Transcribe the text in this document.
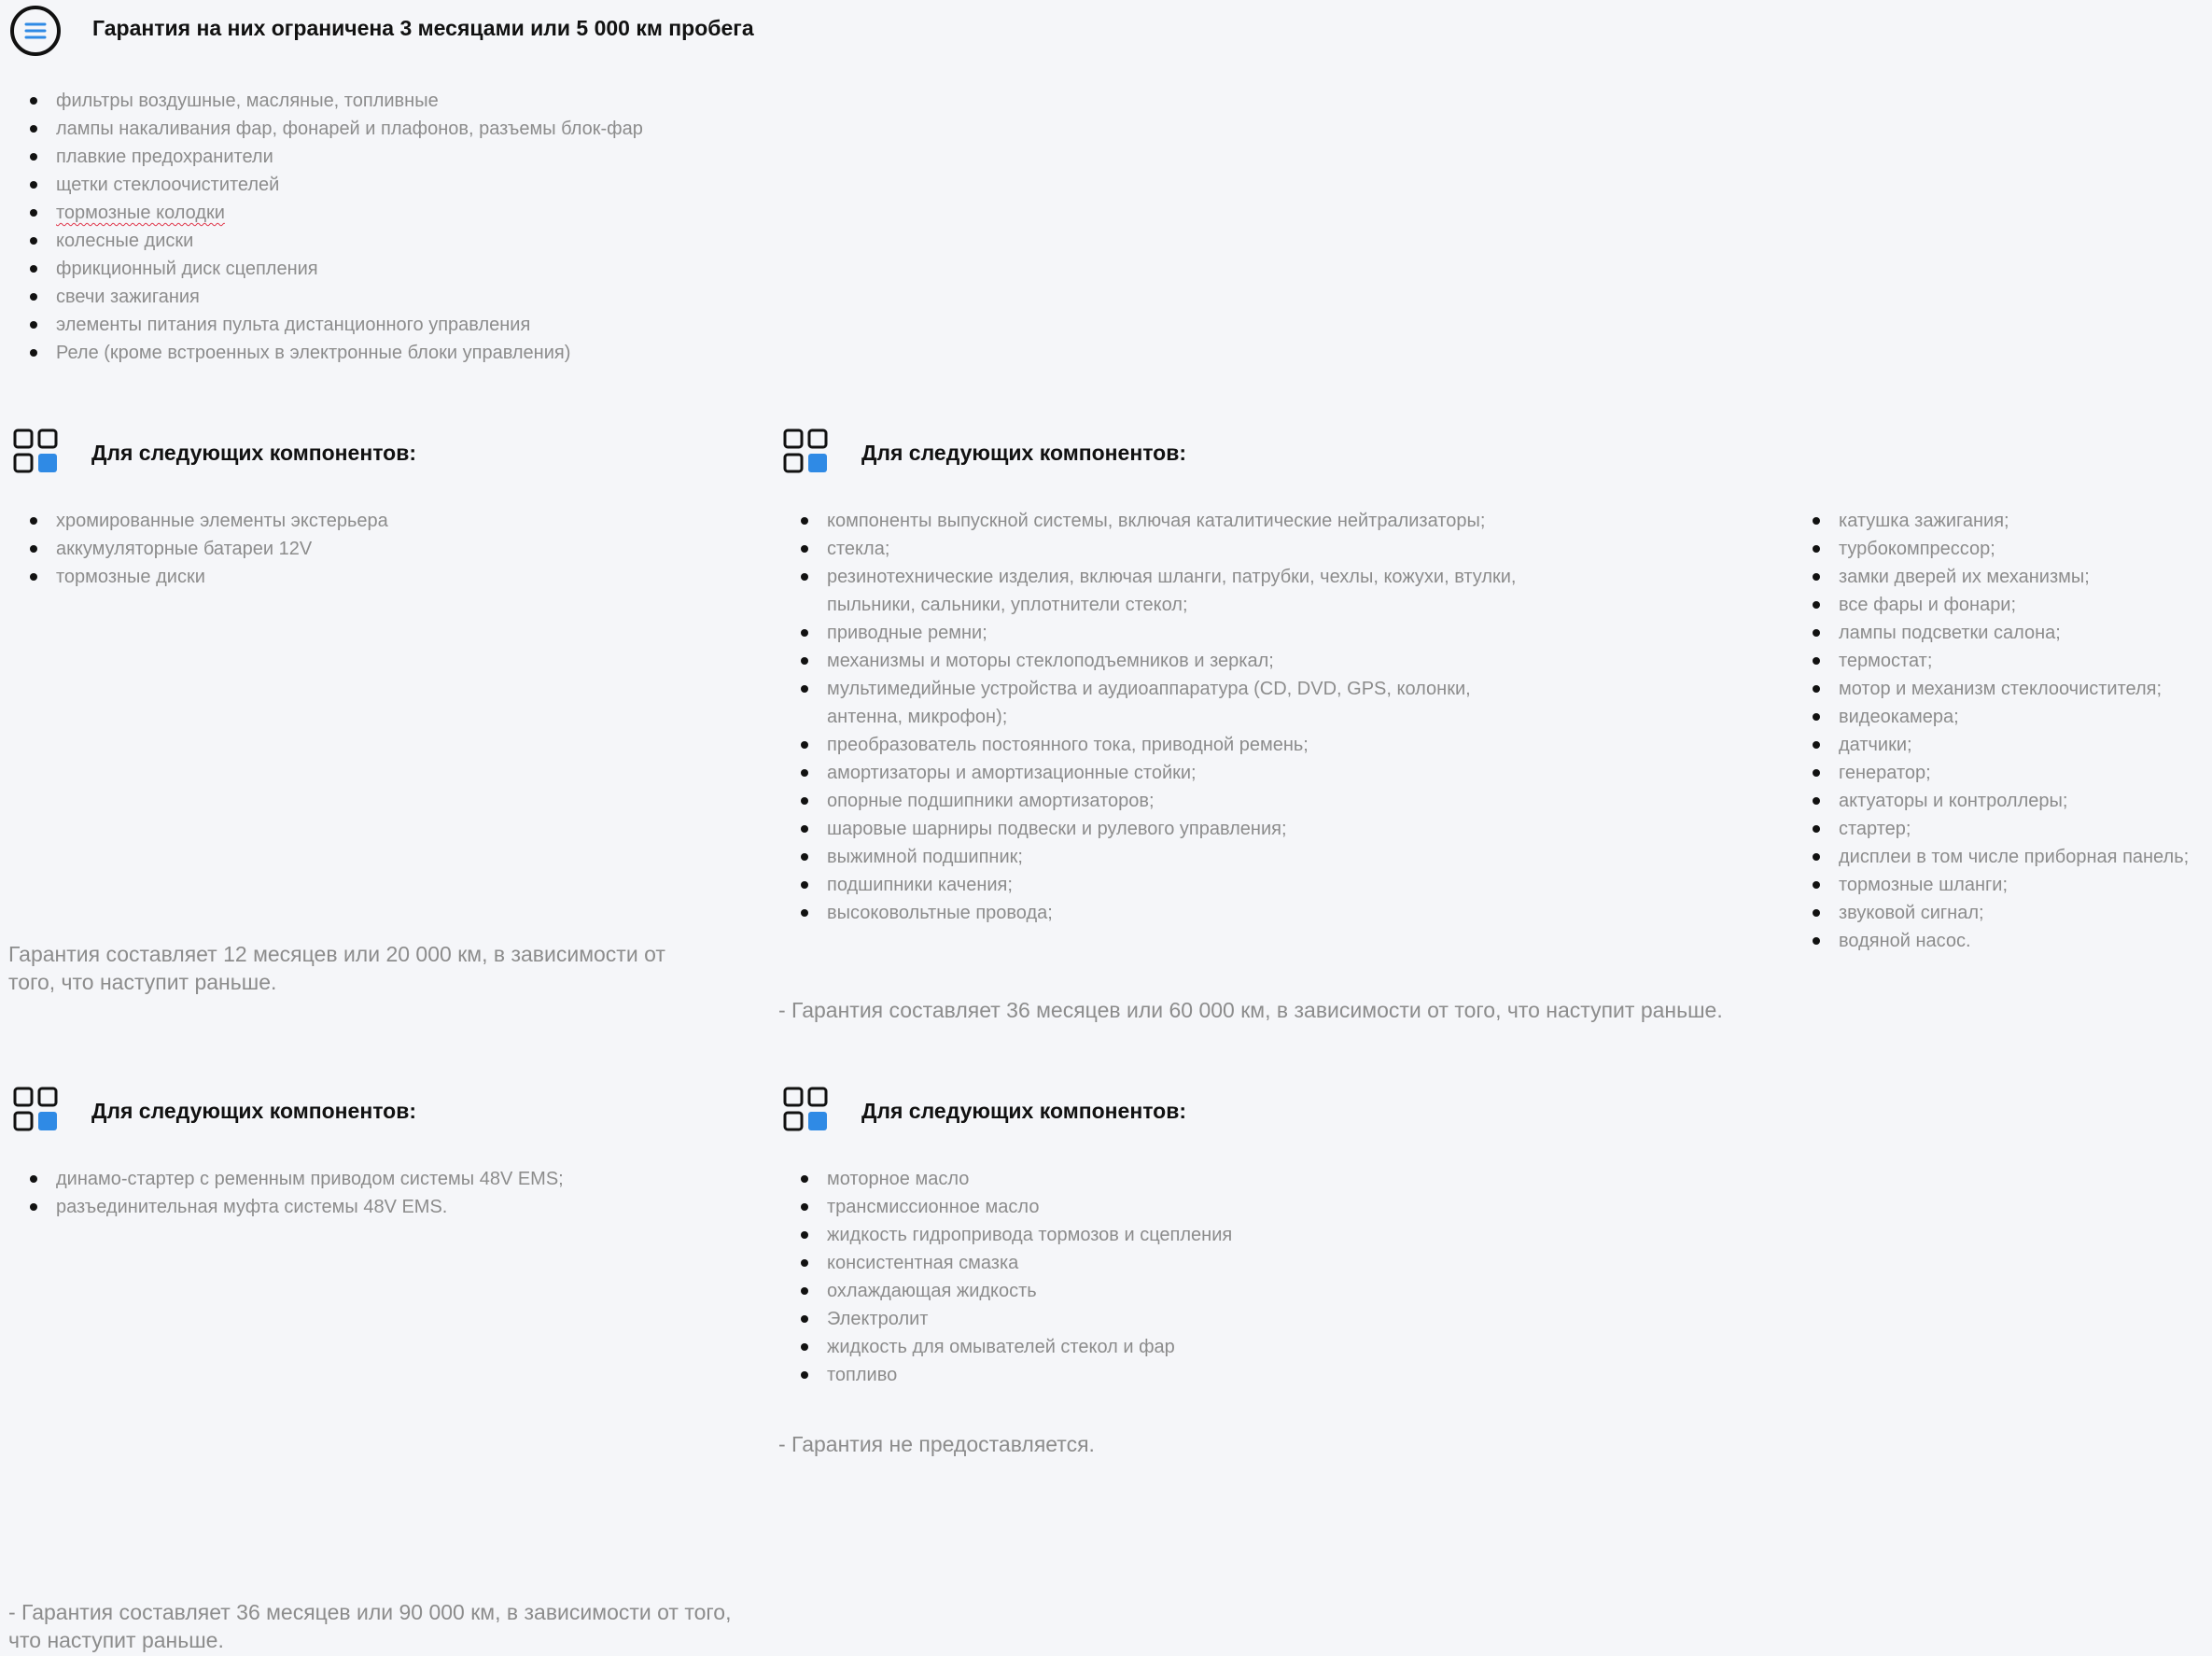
Гарантия на них ограничена 3 месяцами или 5 000 км пробега
фильтры воздушные, масляные, топливные
лампы накаливания фар, фонарей и плафонов, разъемы блок-фар
плавкие предохранители
щетки стеклоочистителей
тормозные колодки
колесные диски
фрикционный диск сцепления
свечи зажигания
элементы питания пульта дистанционного управления
Реле (кроме встроенных в электронные блоки управления)
Для следующих компонентов:
хромированные элементы экстерьера
аккумуляторные батареи 12V
тормозные диски
Гарантия составляет 12 месяцев или 20 000 км, в зависимости от того, что наступит раньше.
Для следующих компонентов:
компоненты выпускной системы, включая каталитические нейтрализаторы;
стекла;
резинотехнические изделия, включая шланги, патрубки, чехлы, кожухи, втулки, пыльники, сальники, уплотнители стекол;
приводные ремни;
механизмы и моторы стеклоподъемников и зеркал;
мультимедийные устройства и аудиоаппаратура (CD, DVD, GPS, колонки, антенна, микрофон);
преобразователь постоянного тока, приводной ремень;
амортизаторы и амортизационные стойки;
опорные подшипники амортизаторов;
шаровые шарниры подвески и рулевого управления;
выжимной подшипник;
подшипники качения;
высоковольтные провода;
катушка зажигания;
турбокомпрессор;
замки дверей их механизмы;
все фары и фонари;
лампы подсветки салона;
термостат;
мотор и механизм стеклоочистителя;
видеокамера;
датчики;
генератор;
актуаторы и контроллеры;
стартер;
дисплеи в том числе приборная панель;
тормозные шланги;
звуковой сигнал;
водяной насос.
- Гарантия составляет 36 месяцев или 60 000 км, в зависимости от того, что наступит раньше.
Для следующих компонентов:
динамо-стартер с ременным приводом системы 48V EMS;
разъединительная муфта системы 48V EMS.
- Гарантия составляет 36 месяцев или 90 000 км, в зависимости от того, что наступит раньше.
Для следующих компонентов:
моторное масло
трансмиссионное масло
жидкость гидропривода тормозов и сцепления
консистентная смазка
охлаждающая жидкость
Электролит
жидкость для омывателей стекол и фар
топливо
- Гарантия не предоставляется.
